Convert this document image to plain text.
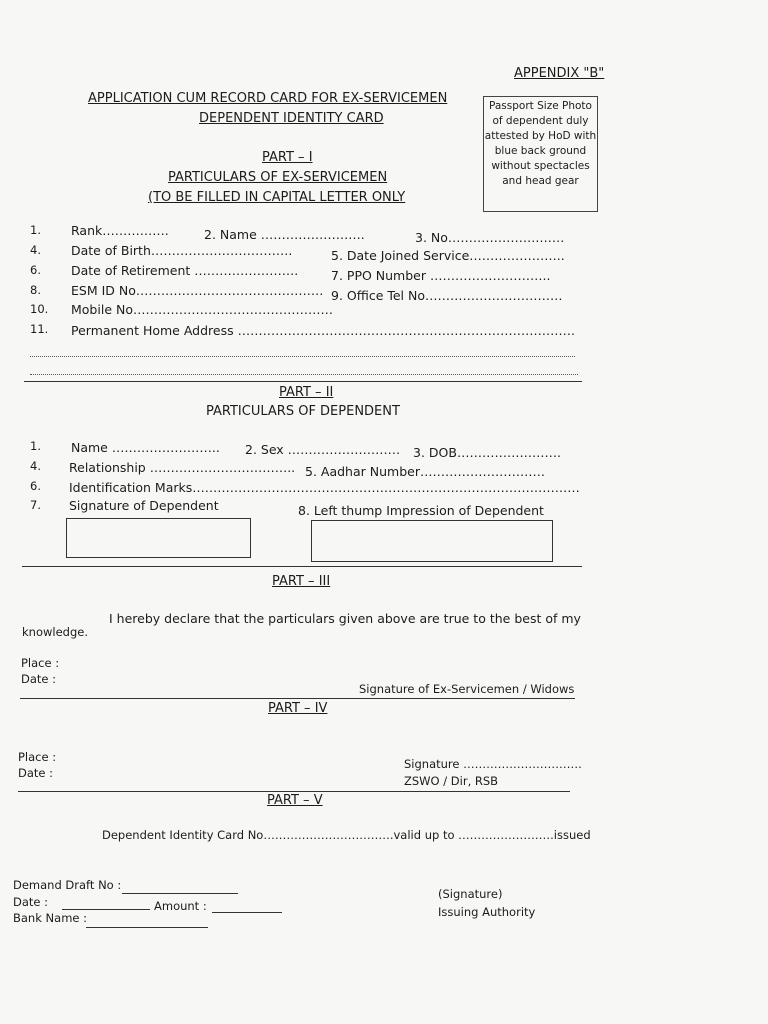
APPENDIX "B"
APPLICATION CUM RECORD CARD FOR EX-SERVICEMEN
DEPENDENT IDENTITY CARD
Passport Size Photo of dependent duly attested by HoD with blue back ground without spectacles and head gear
PART – I
PARTICULARS OF EX-SERVICEMEN
(TO BE FILLED IN CAPITAL LETTER ONLY
1. Rank…………….	2. Name …………………….	3. No………………….……
4. Date of Birth…………………………….	5. Date Joined Service…………………..
6. Date of Retirement …………………….	7. PPO Number ………………………..
8. ESM ID No……………………………………… 9. Office Tel No……………………………
10. Mobile No…………………………………………
11. Permanent Home Address ………………………………………………………………………
PART – II
PARTICULARS OF DEPENDENT
1. Name …………………….. 2. Sex ……………………… 3. DOB…………………….
4. Relationship …………………………….. 5. Aadhar Number…………………………
6. Identification Marks…………………………………………………………………………………
7. Signature of Dependent	8. Left thump Impression of Dependent
PART – III
I hereby declare that the particulars given above are true to the best of my
knowledge.
Place :
Date :
Signature of Ex-Servicemen / Widows
PART – IV
Place :
Date :
Signature ………………………….
ZSWO / Dir, RSB
PART – V
Dependent Identity Card No…………………………….valid up to …………………….issued
Demand Draft No :
Date :	Amount :
Bank Name :
(Signature)
Issuing Authority
